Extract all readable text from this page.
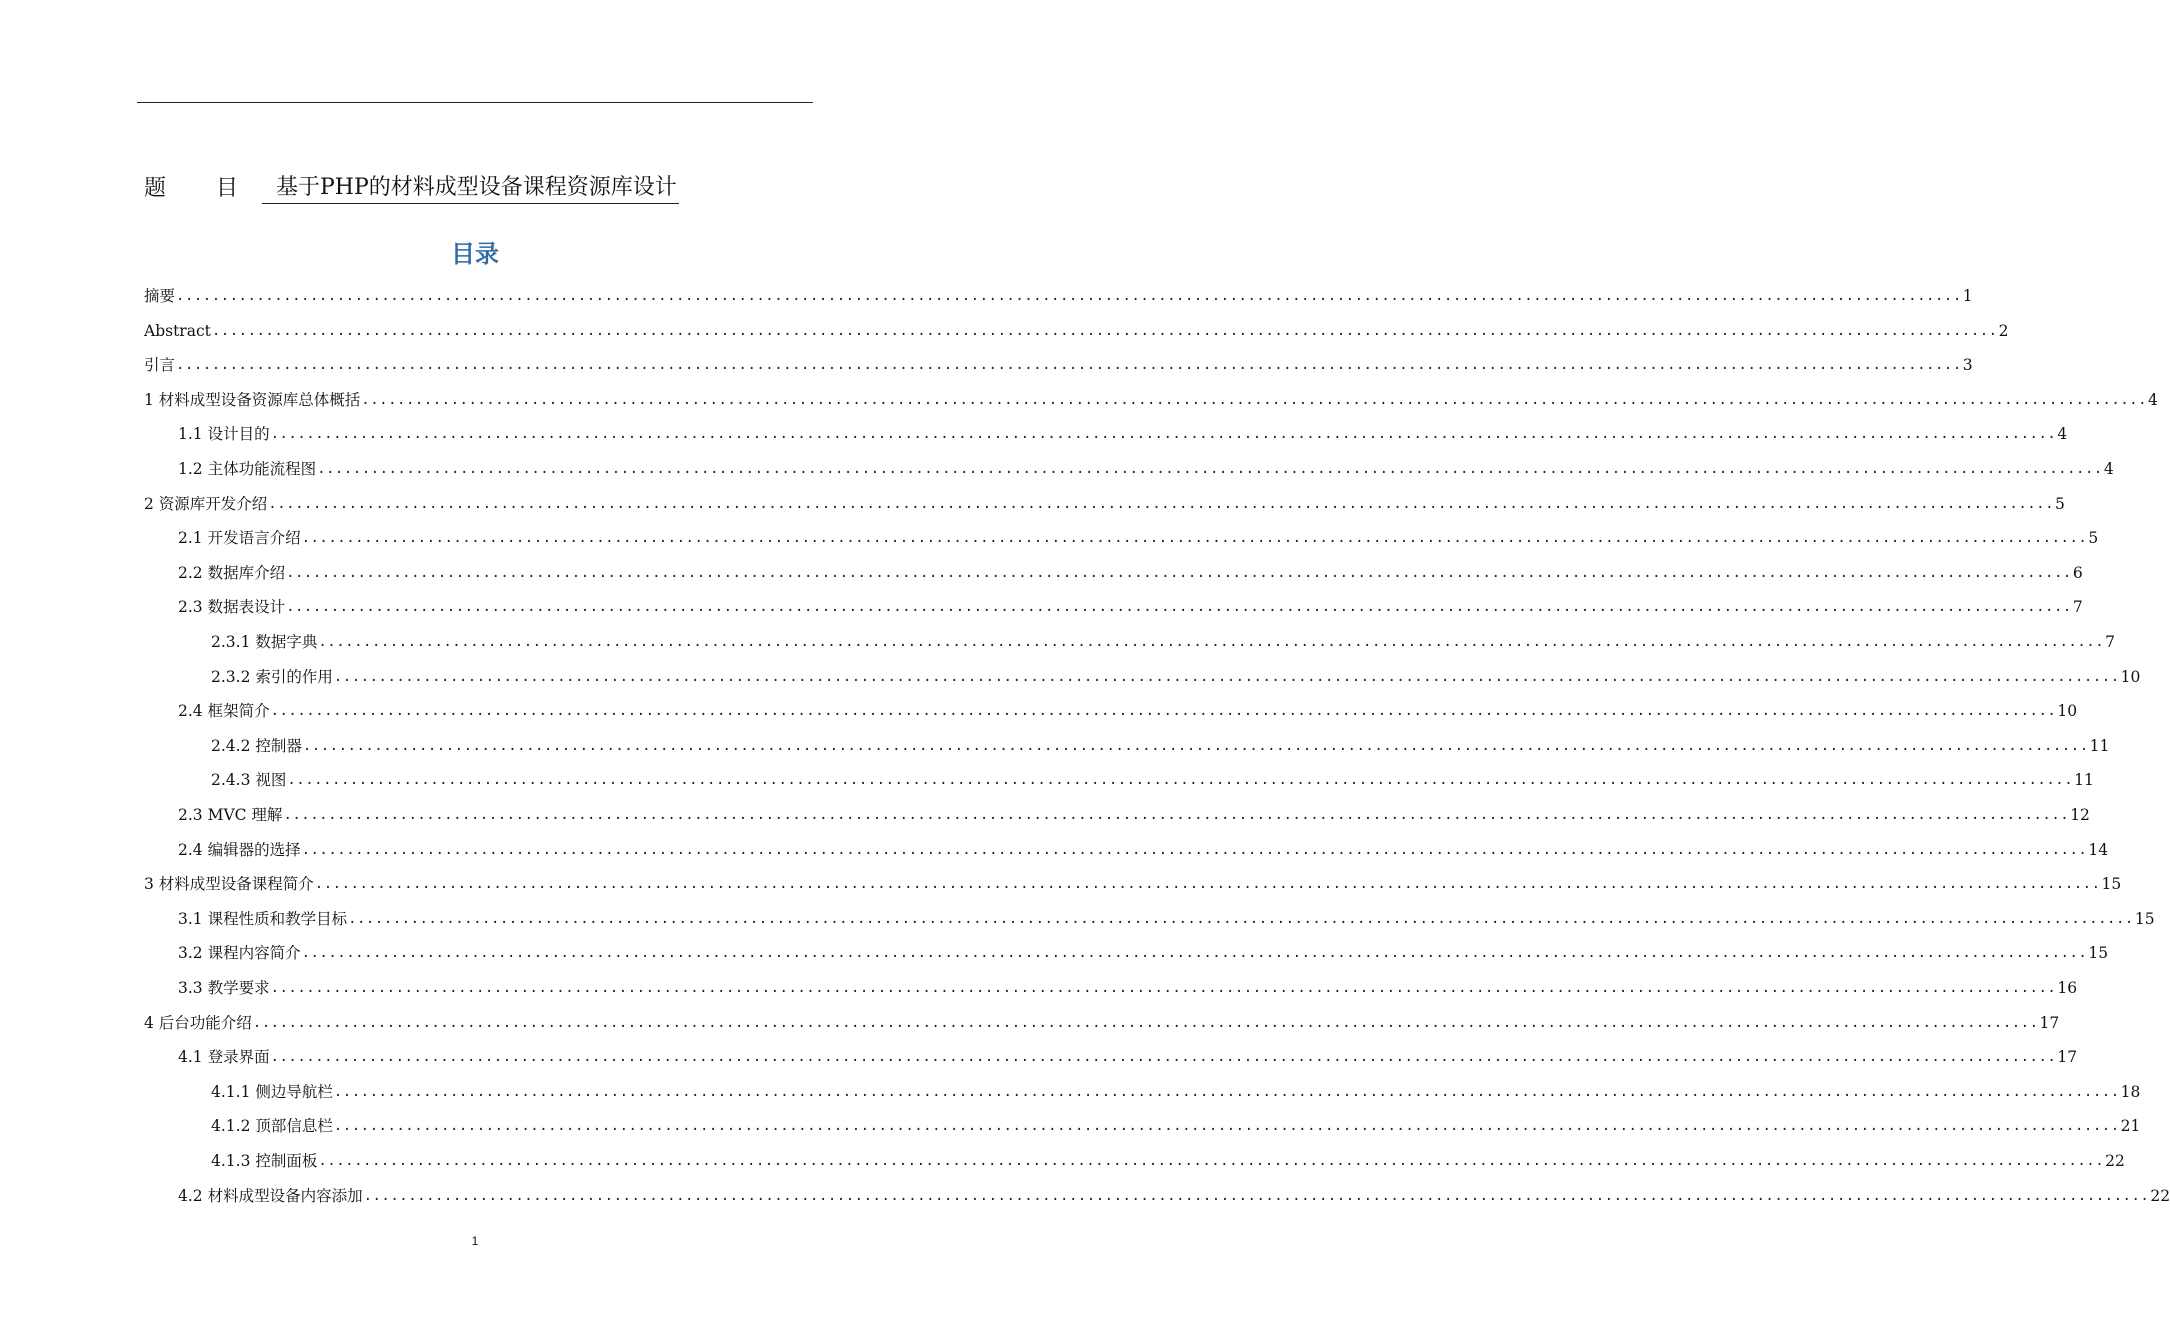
题	目	基于PHP的材料成型设备课程资源库设计
目录
摘要 ........................................................................................................................................................................................................ 1
Abstract ........................................................................................................................................................................................................ 2
引言 ........................................................................................................................................................................................................ 3
1 材料成型设备资源库总体概括 ........................................................................................................................................................................................................ 4
1.1 设计目的 ........................................................................................................................................................................................................ 4
1.2 主体功能流程图 ........................................................................................................................................................................................................ 4
2 资源库开发介绍 ........................................................................................................................................................................................................ 5
2.1 开发语言介绍 ........................................................................................................................................................................................................ 5
2.2 数据库介绍 ........................................................................................................................................................................................................ 6
2.3 数据表设计 ........................................................................................................................................................................................................ 7
2.3.1 数据字典 ........................................................................................................................................................................................................ 7
2.3.2 索引的作用 ........................................................................................................................................................................................................ 10
2.4 框架简介 ........................................................................................................................................................................................................ 10
2.4.2 控制器 ........................................................................................................................................................................................................ 11
2.4.3 视图 ........................................................................................................................................................................................................ 11
2.3 MVC 理解 ........................................................................................................................................................................................................ 12
2.4 编辑器的选择 ........................................................................................................................................................................................................ 14
3 材料成型设备课程简介 ........................................................................................................................................................................................................ 15
3.1 课程性质和教学目标 ........................................................................................................................................................................................................ 15
3.2 课程内容简介 ........................................................................................................................................................................................................ 15
3.3 教学要求 ........................................................................................................................................................................................................ 16
4 后台功能介绍 ........................................................................................................................................................................................................ 17
4.1 登录界面 ........................................................................................................................................................................................................ 17
4.1.1 侧边导航栏 ........................................................................................................................................................................................................ 18
4.1.2 顶部信息栏 ........................................................................................................................................................................................................ 21
4.1.3 控制面板 ........................................................................................................................................................................................................ 22
4.2 材料成型设备内容添加 ........................................................................................................................................................................................................ 22
1
